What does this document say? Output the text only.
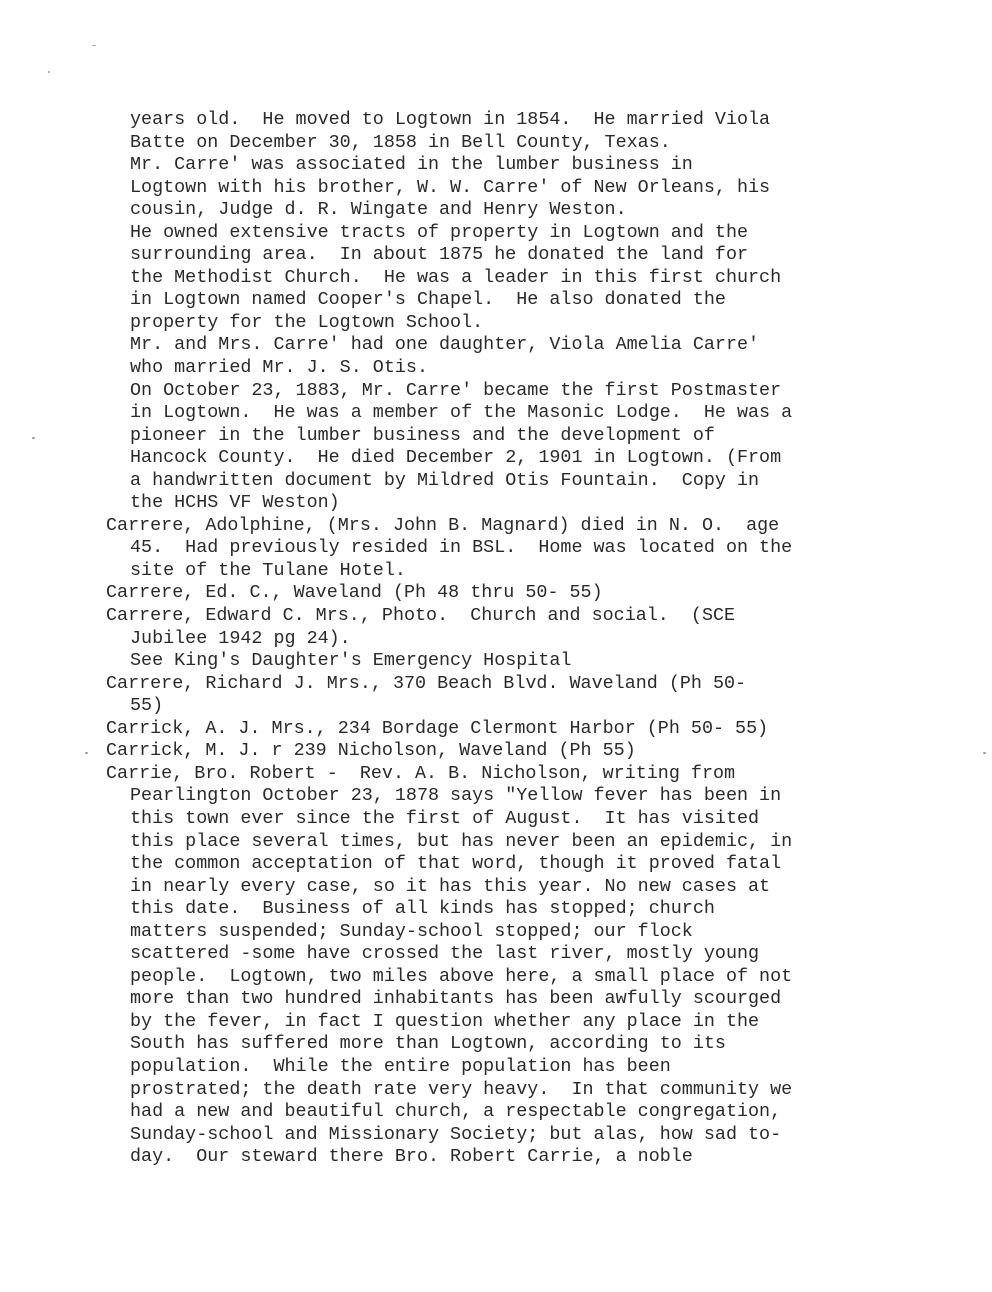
years old.  He moved to Logtown in 1854.  He married Viola
Batte on December 30, 1858 in Bell County, Texas.
Mr. Carre' was associated in the lumber business in
Logtown with his brother, W. W. Carre' of New Orleans, his
cousin, Judge d. R. Wingate and Henry Weston.
He owned extensive tracts of property in Logtown and the
surrounding area.  In about 1875 he donated the land for
the Methodist Church.  He was a leader in this first church
in Logtown named Cooper's Chapel.  He also donated the
property for the Logtown School.
Mr. and Mrs. Carre' had one daughter, Viola Amelia Carre'
who married Mr. J. S. Otis.
On October 23, 1883, Mr. Carre' became the first Postmaster
in Logtown.  He was a member of the Masonic Lodge.  He was a
pioneer in the lumber business and the development of
Hancock County.  He died December 2, 1901 in Logtown. (From
a handwritten document by Mildred Otis Fountain.  Copy in
the HCHS VF Weston)
Carrere, Adolphine, (Mrs. John B. Magnard) died in N. O.  age
45.  Had previously resided in BSL.  Home was located on the
site of the Tulane Hotel.
Carrere, Ed. C., Waveland (Ph 48 thru 50- 55)
Carrere, Edward C. Mrs., Photo.  Church and social.  (SCE
Jubilee 1942 pg 24).
See King's Daughter's Emergency Hospital
Carrere, Richard J. Mrs., 370 Beach Blvd. Waveland (Ph 50-
55)
Carrick, A. J. Mrs., 234 Bordage Clermont Harbor (Ph 50- 55)
Carrick, M. J. r 239 Nicholson, Waveland (Ph 55)
Carrie, Bro. Robert -  Rev. A. B. Nicholson, writing from
Pearlington October 23, 1878 says "Yellow fever has been in
this town ever since the first of August.  It has visited
this place several times, but has never been an epidemic, in
the common acceptation of that word, though it proved fatal
in nearly every case, so it has this year. No new cases at
this date.  Business of all kinds has stopped; church
matters suspended; Sunday-school stopped; our flock
scattered -some have crossed the last river, mostly young
people.  Logtown, two miles above here, a small place of not
more than two hundred inhabitants has been awfully scourged
by the fever, in fact I question whether any place in the
South has suffered more than Logtown, according to its
population.  While the entire population has been
prostrated; the death rate very heavy.  In that community we
had a new and beautiful church, a respectable congregation,
Sunday-school and Missionary Society; but alas, how sad to-
day.  Our steward there Bro. Robert Carrie, a noble
